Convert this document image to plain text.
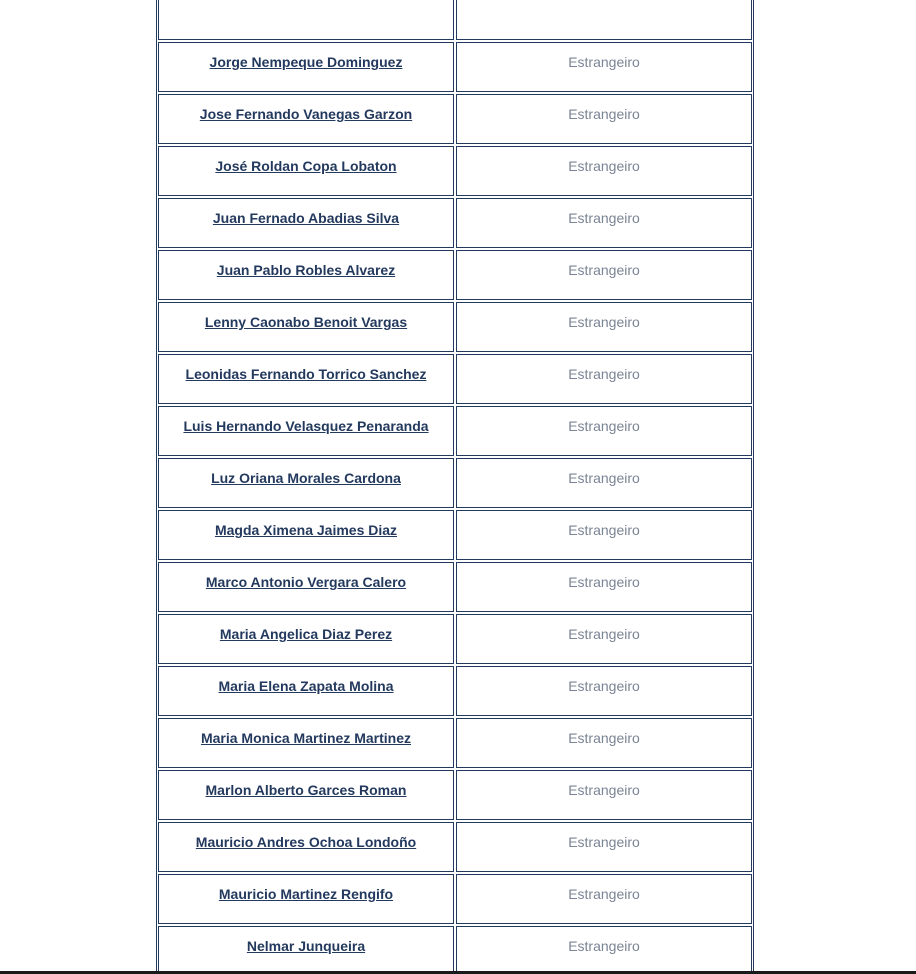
Jorge Nempeque Dominguez	Estrangeiro

Jose Fernando Vanegas Garzon	Estrangeiro

José Roldan Copa Lobaton	Estrangeiro

Juan Fernado Abadias Silva	Estrangeiro

Juan Pablo Robles Alvarez	Estrangeiro

Lenny Caonabo Benoit Vargas	Estrangeiro

Leonidas Fernando Torrico Sanchez	Estrangeiro

Luis Hernando Velasquez Penaranda	Estrangeiro

Luz Oriana Morales Cardona	Estrangeiro

Magda Ximena Jaimes Diaz	Estrangeiro

Marco Antonio Vergara Calero	Estrangeiro

Maria Angelica Diaz Perez	Estrangeiro

Maria Elena Zapata Molina	Estrangeiro

Maria Monica Martinez Martinez	Estrangeiro

Marlon Alberto Garces Roman	Estrangeiro

Mauricio Andres Ochoa Londoño	Estrangeiro

Mauricio Martinez Rengifo	Estrangeiro

Nelmar Junqueira	Estrangeiro
